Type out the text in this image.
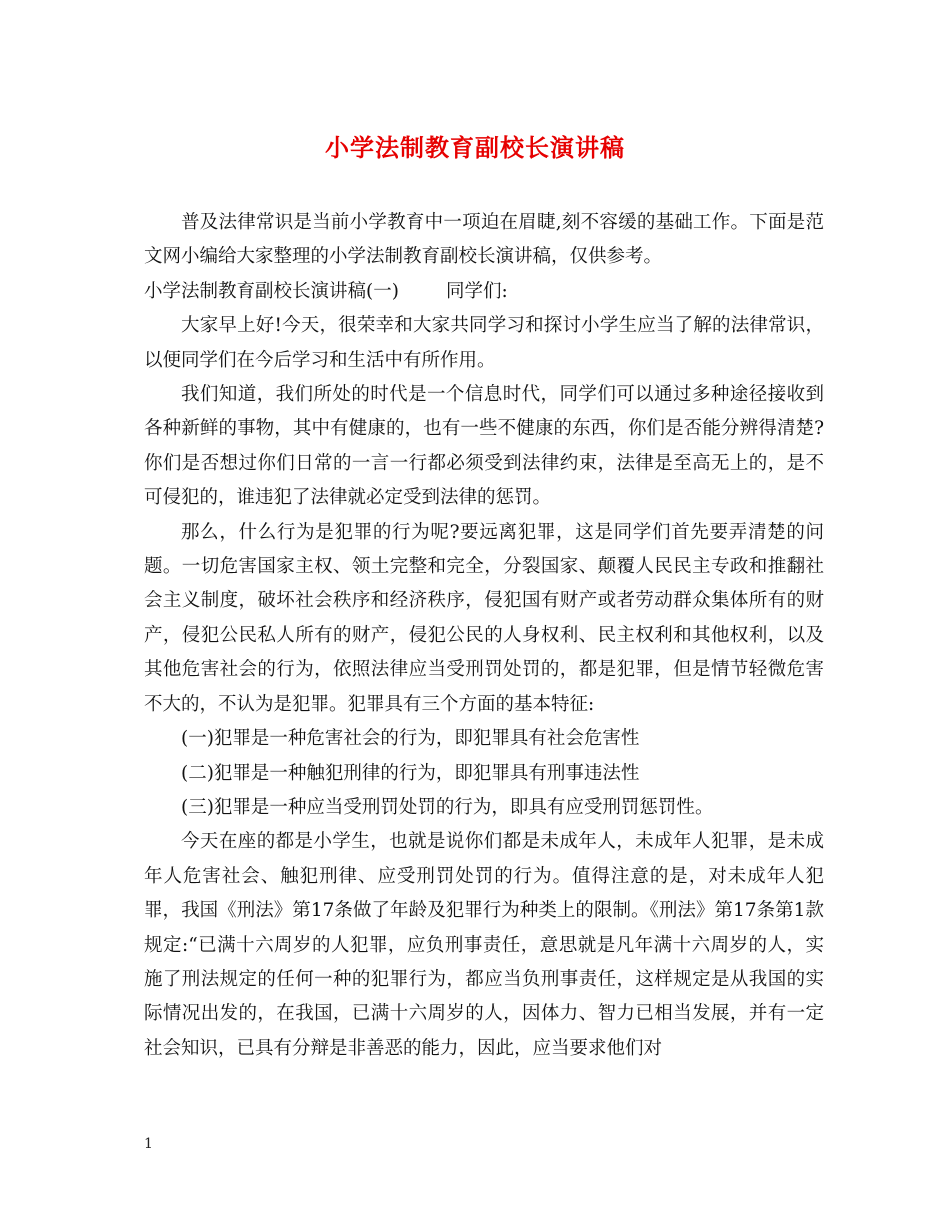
小学法制教育副校长演讲稿

普及法律常识是当前小学教育中一项迫在眉睫,刻不容缓的基础工作。下面是范文网小编给大家整理的小学法制教育副校长演讲稿，仅供参考。

小学法制教育副校长演讲稿(一)        同学们:

大家早上好!今天，很荣幸和大家共同学习和探讨小学生应当了解的法律常识，以便同学们在今后学习和生活中有所作用。

我们知道，我们所处的时代是一个信息时代，同学们可以通过多种途径接收到各种新鲜的事物，其中有健康的，也有一些不健康的东西，你们是否能分辨得清楚?你们是否想过你们日常的一言一行都必须受到法律约束，法律是至高无上的，是不可侵犯的，谁违犯了法律就必定受到法律的惩罚。

那么，什么行为是犯罪的行为呢?要远离犯罪，这是同学们首先要弄清楚的问题。一切危害国家主权、领土完整和完全，分裂国家、颠覆人民民主专政和推翻社会主义制度，破坏社会秩序和经济秩序，侵犯国有财产或者劳动群众集体所有的财产，侵犯公民私人所有的财产，侵犯公民的人身权利、民主权利和其他权利，以及其他危害社会的行为，依照法律应当受刑罚处罚的，都是犯罪，但是情节轻微危害不大的，不认为是犯罪。犯罪具有三个方面的基本特征:

(一)犯罪是一种危害社会的行为，即犯罪具有社会危害性

(二)犯罪是一种触犯刑律的行为，即犯罪具有刑事违法性

(三)犯罪是一种应当受刑罚处罚的行为，即具有应受刑罚惩罚性。

今天在座的都是小学生，也就是说你们都是未成年人，未成年人犯罪，是未成年人危害社会、触犯刑律、应受刑罚处罚的行为。值得注意的是，对未成年人犯罪，我国《刑法》第17条做了年龄及犯罪行为种类上的限制。《刑法》第17条第1款规定:“已满十六周岁的人犯罪，应负刑事责任，意思就是凡年满十六周岁的人，实施了刑法规定的任何一种的犯罪行为，都应当负刑事责任，这样规定是从我国的实际情况出发的，在我国，已满十六周岁的人，因体力、智力已相当发展，并有一定社会知识，已具有分辩是非善恶的能力，因此，应当要求他们对

1
